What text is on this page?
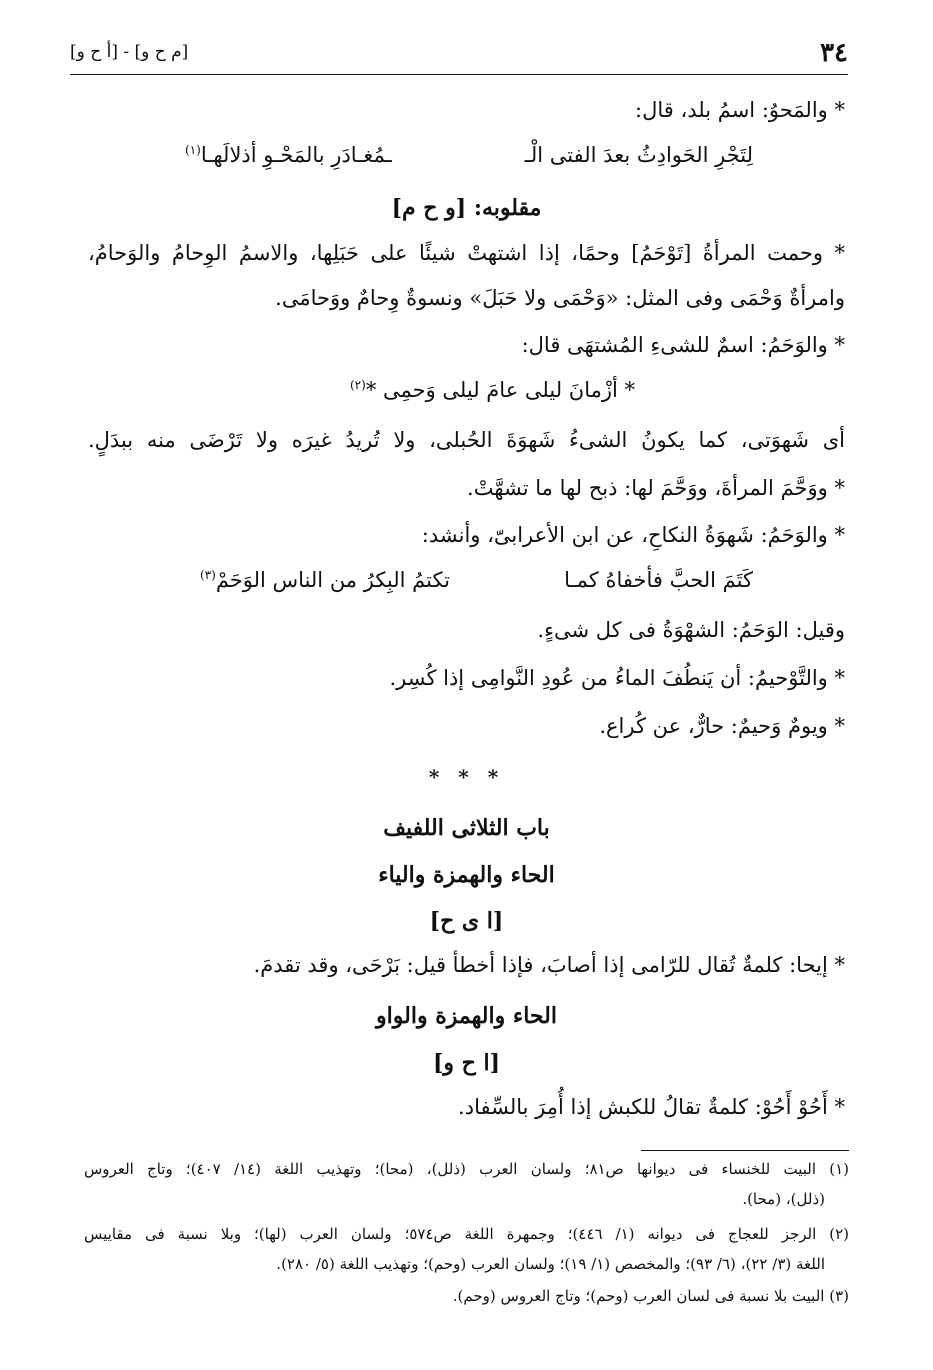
٣٤
[م ح و] - [أ ح و]
* والمَحوُ: اسمُ بلد، قال:
لِتَجْرِ الحَوادِثُ بعدَ الفتى الْـ
ـمُغـادَرِ بالمَحْـوِ أذلالَهـا$^{(١)}$
مقلوبه: [و ح م]
* وحمت المرأةُ [تَوْحَمُ] وحمًا، إذا اشتهتْ شيئًا على حَبَلِها، والاسمُ الوِحامُ والوَحامُ،
وامرأةٌ وَحْمَى وفى المثل: «وَحْمَى ولا حَبَلَ» ونسوةٌ وِحامٌ ووَحامَى.
* والوَحَمُ: اسمٌ للشىءِ المُشتهَى قال:
* أزْمانَ ليلى عامَ ليلى وَحمِى *$^{(٢)}$
أى شَهوَتى، كما يكونُ الشىءُ شَهوَةَ الحُبلى، ولا تُريدُ غيرَه ولا تَرْضَى منه ببدَلٍ.
* ووَحَّمَ المرأةَ، ووَحَّمَ لها: ذبح لها ما تشهَّتْ.
* والوَحَمُ: شَهوَةُ النكاحِ، عن ابن الأعرابىّ، وأنشد:
كَتَمَ الحبَّ فأخفاهُ كمـا
تكتمُ البِكرُ من الناس الوَحَمْ$^{(٣)}$
وقيل: الوَحَمُ: الشهْوَةُ فى كل شىءٍ.
* والتَّوْحيمُ: أن يَنطُفَ الماءُ من عُودِ النَّوامِى إذا كُسِر.
* ويومٌ وَحيمٌ: حارٌّ، عن كُراع.
* * *
باب الثلاثى اللفيف
الحاء والهمزة والياء
[ا ى ح]
* إيحا: كلمةٌ تُقال للرّامى إذا أصابَ، فإذا أخطأ قيل: بَرْحَى، وقد تقدمَ.
الحاء والهمزة والواو
[ا ح و]
* أَحُوْ أَحُوْ: كلمةٌ تقالُ للكبش إذا أُمِرَ بالسِّفاد.
(١) البيت للخنساء فى ديوانها ص٨١؛ ولسان العرب (ذلل)، (محا)؛ وتهذيب اللغة (١٤/ ٤٠٧)؛ وتاج العروس
(ذلل)، (محا).
(٢) الرجز للعجاج فى ديوانه (١/ ٤٤٦)؛ وجمهرة اللغة ص٥٧٤؛ ولسان العرب (لها)؛ وبلا نسبة فى مقاييس
اللغة (٣/ ٢٢)، (٦/ ٩٣)؛ والمخصص (١/ ١٩)؛ ولسان العرب (وحم)؛ وتهذيب اللغة (٥/ ٢٨٠).
(٣) البيت بلا نسبة فى لسان العرب (وحم)؛ وتاج العروس (وحم).
